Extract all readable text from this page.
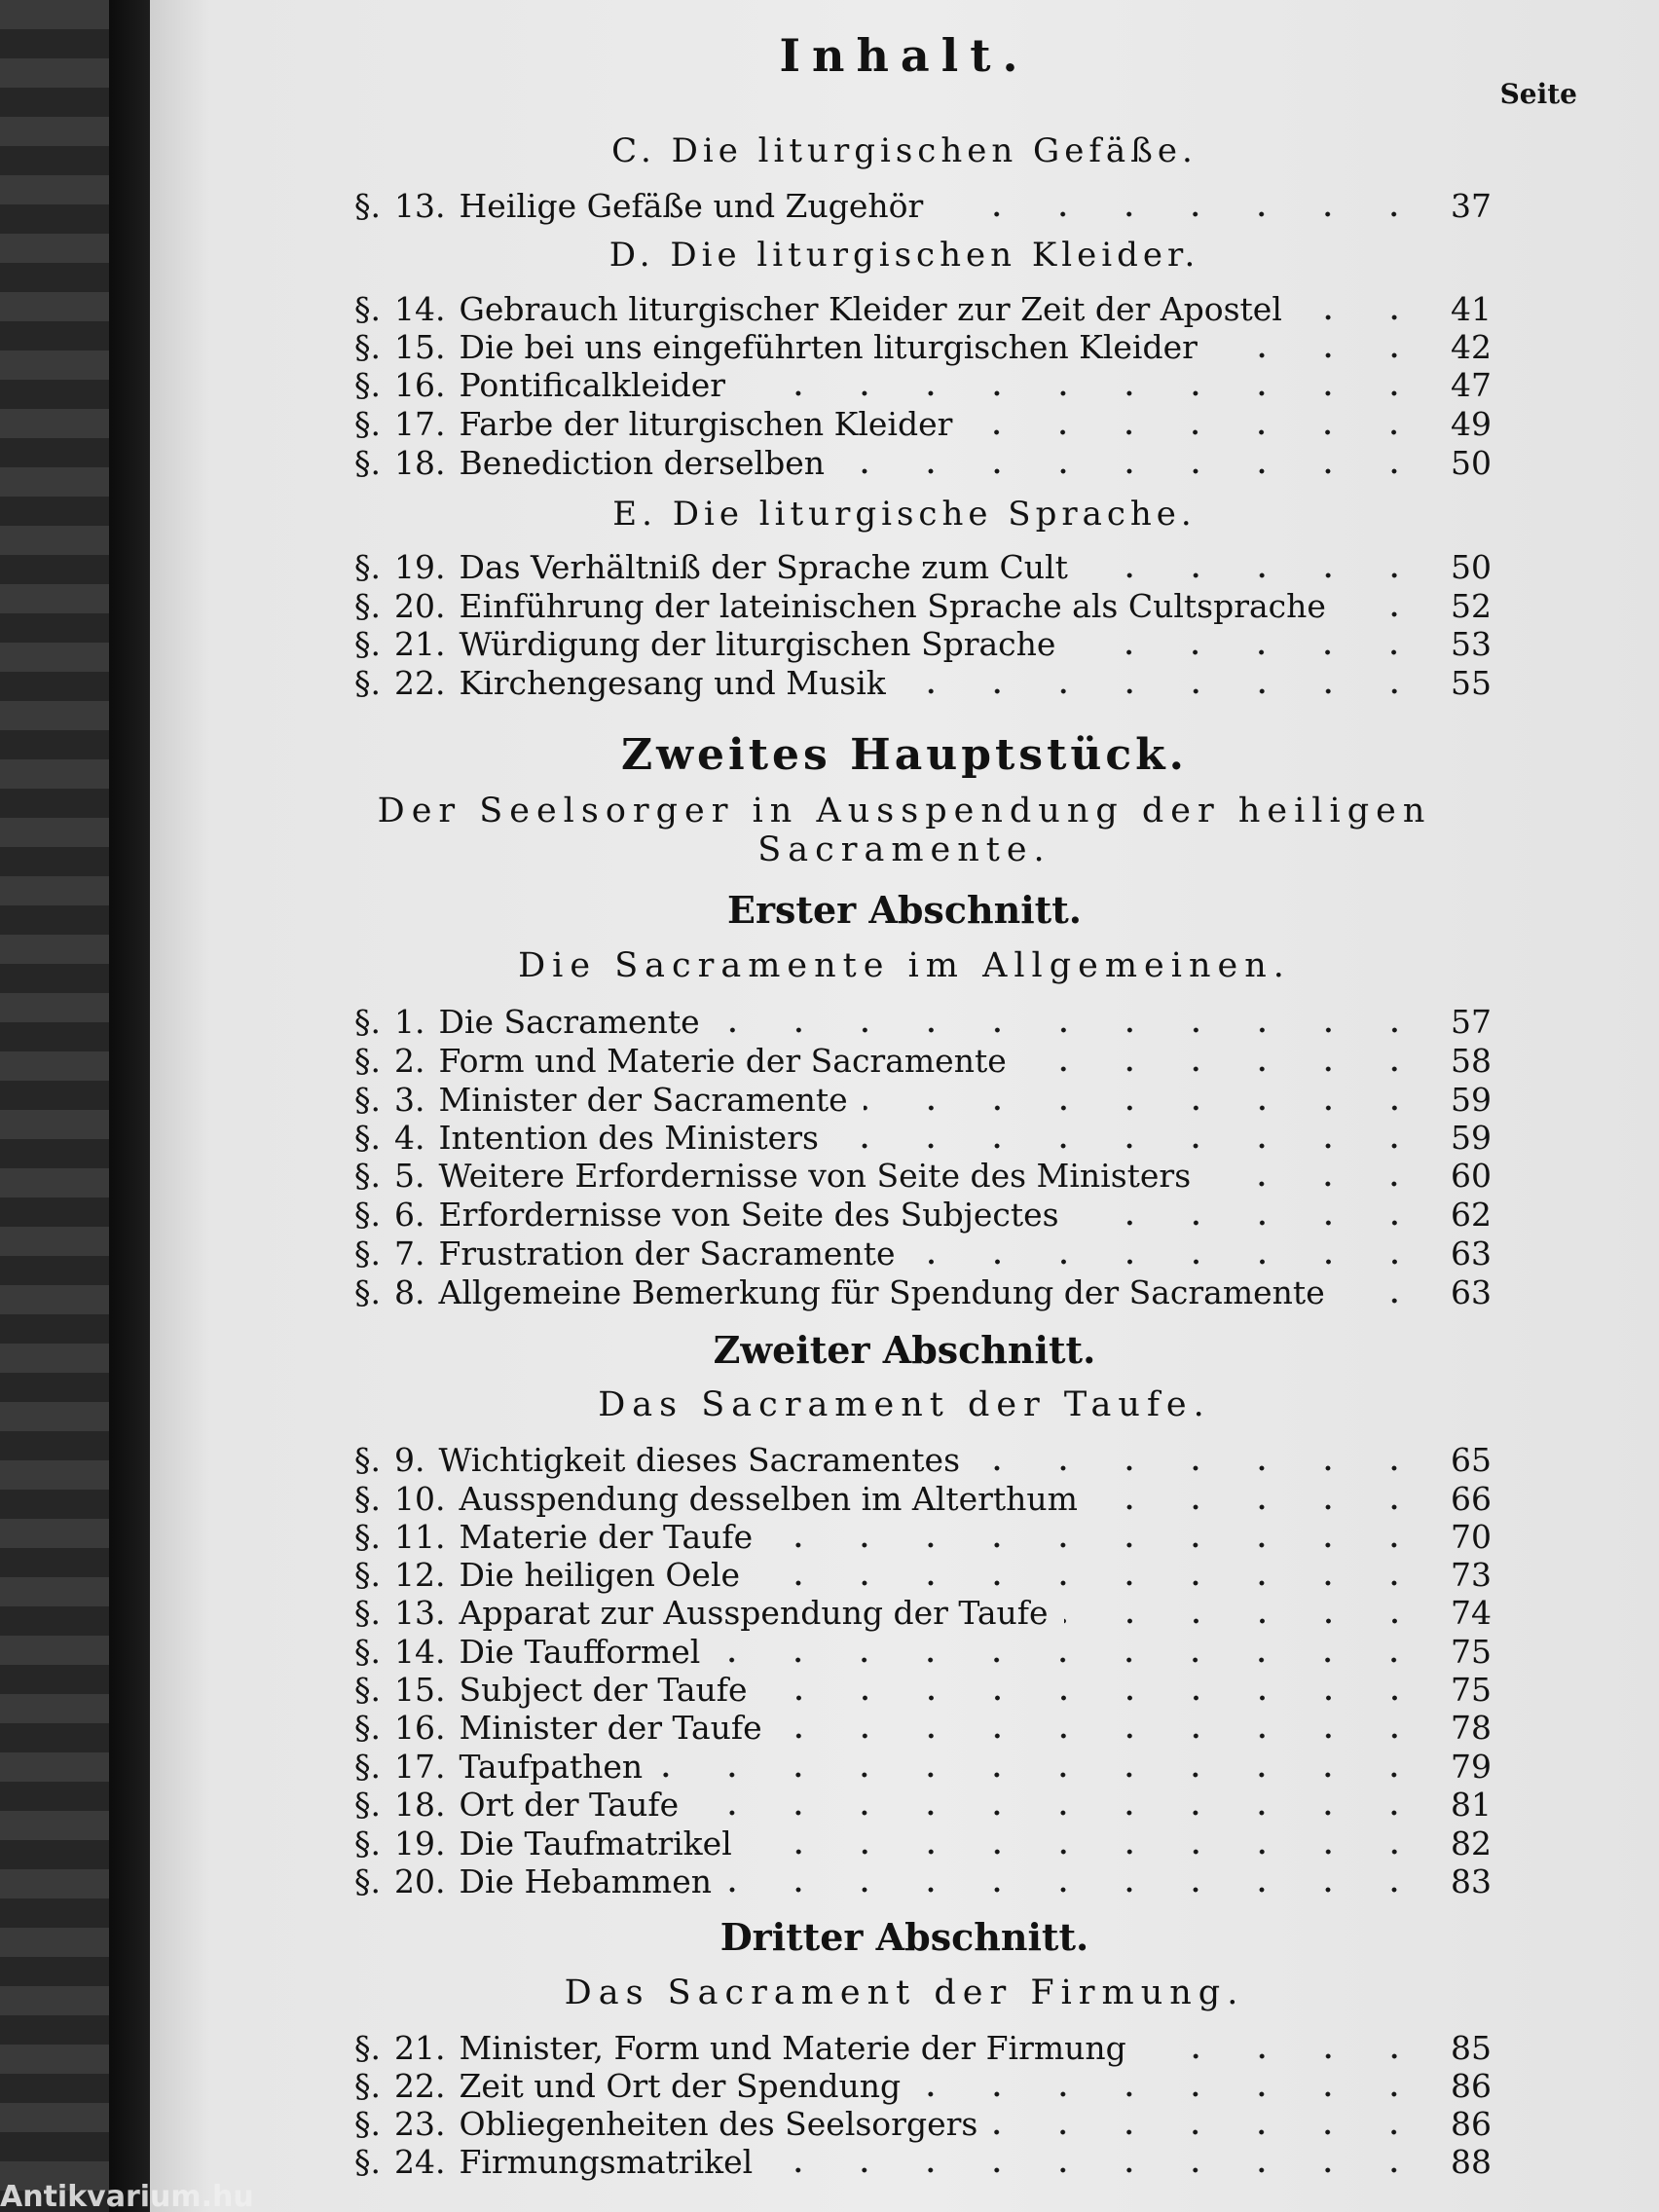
Inhalt.
Seite
C. Die liturgischen Gefäße.
§. 13. Heilige Gefäße und Zugehör	37
D. Die liturgischen Kleider.
§. 14. Gebrauch liturgischer Kleider zur Zeit der Apostel	41
§. 15. Die bei uns eingeführten liturgischen Kleider	42
§. 16. Pontificalkleider	47
§. 17. Farbe der liturgischen Kleider	49
§. 18. Benediction derselben	50
E. Die liturgische Sprache.
§. 19. Das Verhältniß der Sprache zum Cult	50
§. 20. Einführung der lateinischen Sprache als Cultsprache	52
§. 21. Würdigung der liturgischen Sprache	53
§. 22. Kirchengesang und Musik	55
Zweites Hauptstück.
Der Seelsorger in Ausspendung der heiligen
Sacramente.
Erster Abschnitt.
Die Sacramente im Allgemeinen.
§. 1. Die Sacramente	57
§. 2. Form und Materie der Sacramente	58
§. 3. Minister der Sacramente	59
§. 4. Intention des Ministers	59
§. 5. Weitere Erfordernisse von Seite des Ministers	60
§. 6. Erfordernisse von Seite des Subjectes	62
§. 7. Frustration der Sacramente	63
§. 8. Allgemeine Bemerkung für Spendung der Sacramente	63
Zweiter Abschnitt.
Das Sacrament der Taufe.
§. 9. Wichtigkeit dieses Sacramentes	65
§. 10. Ausspendung desselben im Alterthum	66
§. 11. Materie der Taufe	70
§. 12. Die heiligen Oele	73
§. 13. Apparat zur Ausspendung der Taufe	74
§. 14. Die Taufformel	75
§. 15. Subject der Taufe	75
§. 16. Minister der Taufe	78
§. 17. Taufpathen	79
§. 18. Ort der Taufe	81
§. 19. Die Taufmatrikel	82
§. 20. Die Hebammen	83
Dritter Abschnitt.
Das Sacrament der Firmung.
§. 21. Minister, Form und Materie der Firmung	85
§. 22. Zeit und Ort der Spendung	86
§. 23. Obliegenheiten des Seelsorgers	86
§. 24. Firmungsmatrikel	88
Antikvarium.hu
